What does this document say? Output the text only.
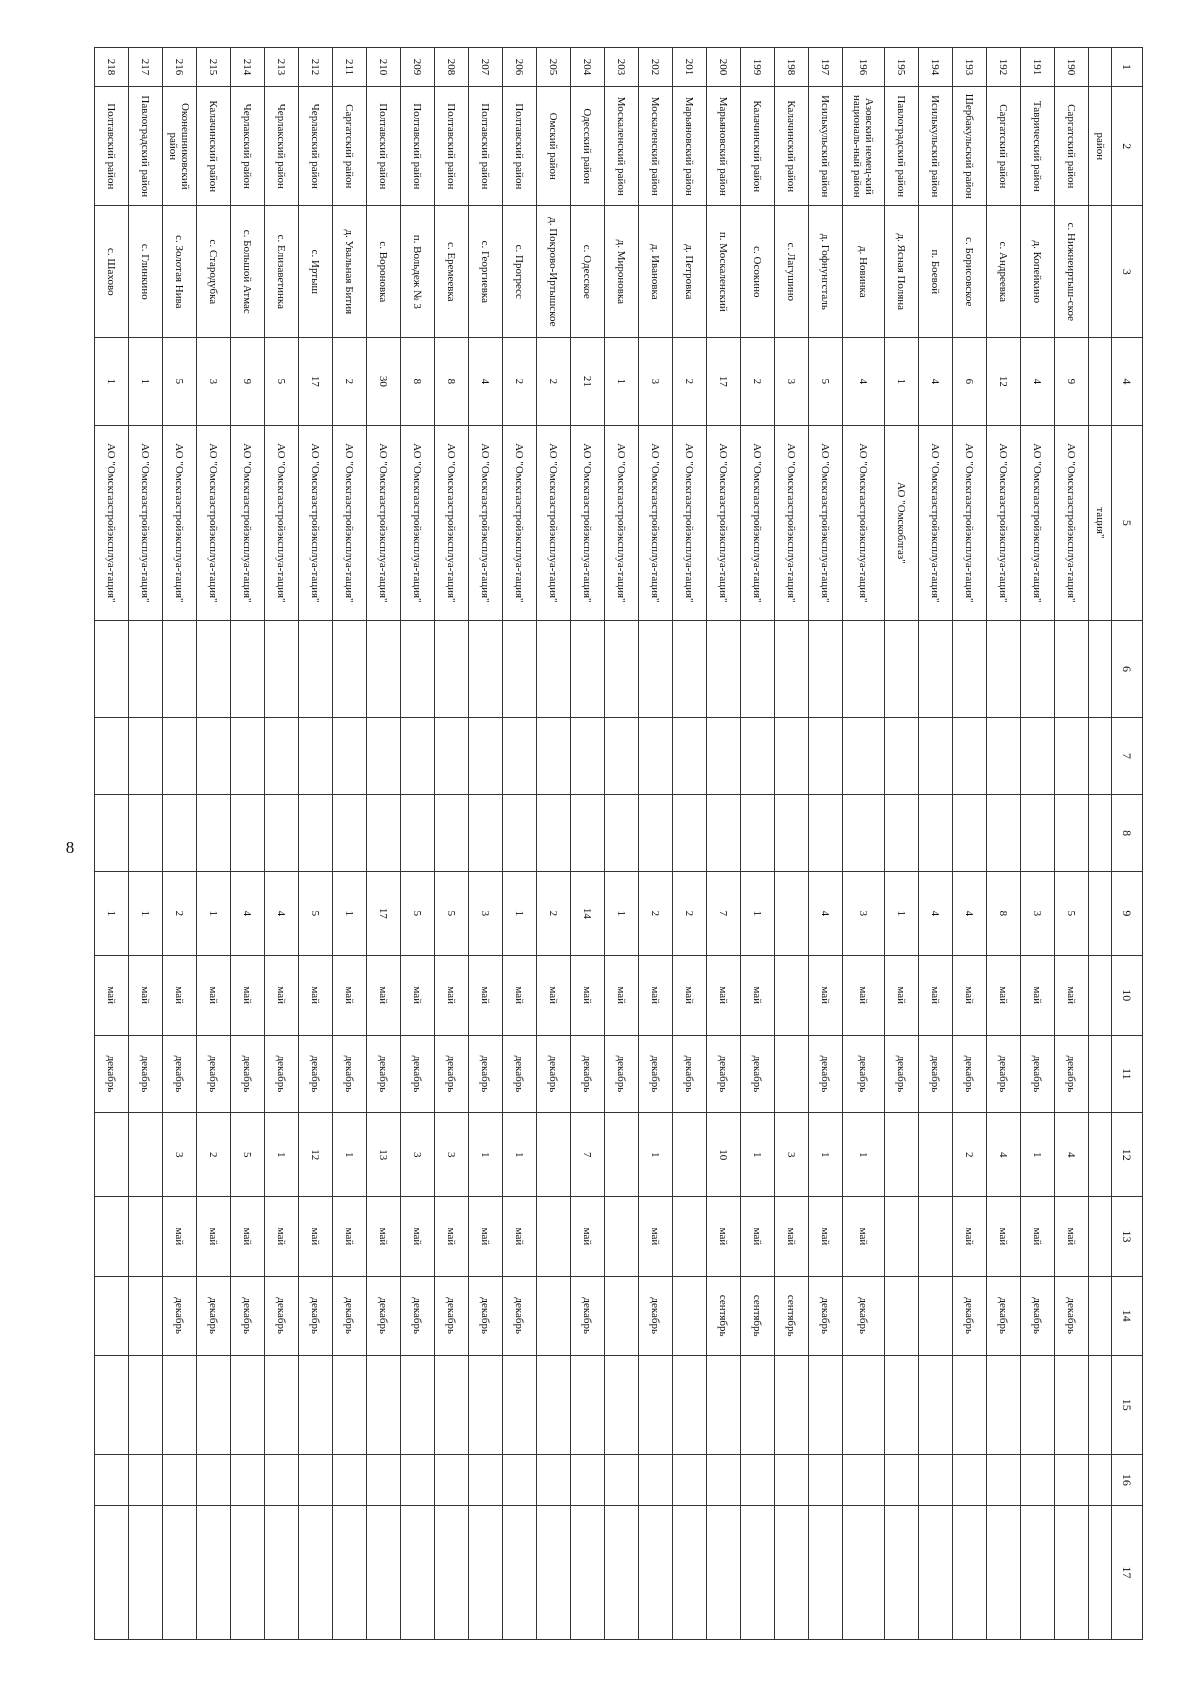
8
1	2	3	4	5	6	7	8	9	10	11	12	13	14	15	16	17
	район			тация"												
190	Саргатский район	с. Нижнеиртыш-ское	9	АО "Омскгазстройэксплуа-тация"				5	май	декабрь	4	май	декабрь			
191	Таврический район	д. Копейкино	4	АО "Омскгазстройэксплуа-тация"				3	май	декабрь	1	май	декабрь			
192	Саргатский район	с. Андреевка	12	АО "Омскгазстройэксплуа-тация"				8	май	декабрь	4	май	декабрь			
193	Шербакульский район	с. Борисовское	6	АО "Омскгазстройэксплуа-тация"				4	май	декабрь	2	май	декабрь			
194	Исилькульский район	п. Боевой	4	АО "Омскгазстройэксплуа-тация"				4	май	декабрь						
195	Павлоградский район	д. Ясная Поляна	1	АО "Омскоблгаз"				1	май	декабрь						
196	Азовский немец-кий националь-ный район	д. Новинка	4	АО "Омскгазстройэксплуа-тация"				3	май	декабрь	1	май	декабрь			
197	Исилькульский район	д. Гофнунгсталь	5	АО "Омскгазстройэксплуа-тация"				4	май	декабрь	1	май	декабрь			
198	Калачинский район	с. Лагушино	3	АО "Омскгазстройэксплуа-тация"							3	май	сентябрь			
199	Калачинский район	с. Осокино	2	АО "Омскгазстройэксплуа-тация"				1	май	декабрь	1	май	сентябрь			
200	Марьяновский район	п. Москаленский	17	АО "Омскгазстройэксплуа-тация"				7	май	декабрь	10	май	сентябрь			
201	Марьяновский район	д. Петровка	2	АО "Омскгазстройэксплуа-тация"				2	май	декабрь						
202	Москаленский район	д. Ивановка	3	АО "Омскгазстройэксплуа-тация"				2	май	декабрь	1	май	декабрь			
203	Москаленский район	д. Мироновка	1	АО "Омскгазстройэксплуа-тация"				1	май	декабрь						
204	Одесский район	с. Одесское	21	АО "Омскгазстройэксплуа-тация"				14	май	декабрь	7	май	декабрь			
205	Омский район	д. Покрово-Иртышское	2	АО "Омскгазстройэксплуа-тация"				2	май	декабрь						
206	Полтавский район	с. Прогресс	2	АО "Омскгазстройэксплуа-тация"				1	май	декабрь	1	май	декабрь			
207	Полтавский район	с. Георгиевка	4	АО "Омскгазстройэксплуа-тация"				3	май	декабрь	1	май	декабрь			
208	Полтавский район	с. Еремеевка	8	АО "Омскгазстройэксплуа-тация"				5	май	декабрь	3	май	декабрь			
209	Полтавский район	п. Вольдеж № 3	8	АО "Омскгазстройэксплуа-тация"				5	май	декабрь	3	май	декабрь			
210	Полтавский район	с. Вороновка	30	АО "Омскгазстройэксплуа-тация"				17	май	декабрь	13	май	декабрь			
211	Саргатский район	д. Увальная Бития	2	АО "Омскгазстройэксплуа-тация"				1	май	декабрь	1	май	декабрь			
212	Черлакский район	с. Иртыш	17	АО "Омскгазстройэксплуа-тация"				5	май	декабрь	12	май	декабрь			
213	Черлакский район	с. Елизаветинка	5	АО "Омскгазстройэксплуа-тация"				4	май	декабрь	1	май	декабрь			
214	Черлакский район	с. Большой Атмас	9	АО "Омскгазстройэксплуа-тация"				4	май	декабрь	5	май	декабрь			
215	Калачинский район	с. Стародубка	3	АО "Омскгазстройэксплуа-тация"				1	май	декабрь	2	май	декабрь			
216	Оконешниковский район	с. Золотая Нива	5	АО "Омскгазстройэксплуа-тация"				2	май	декабрь	3	май	декабрь			
217	Павлоградский район	с. Глинкино	1	АО "Омскгазстройэксплуа-тация"				1	май	декабрь						
218	Полтавский район	с. Шахово	1	АО "Омскгазстройэксплуа-тация"				1	май	декабрь						
